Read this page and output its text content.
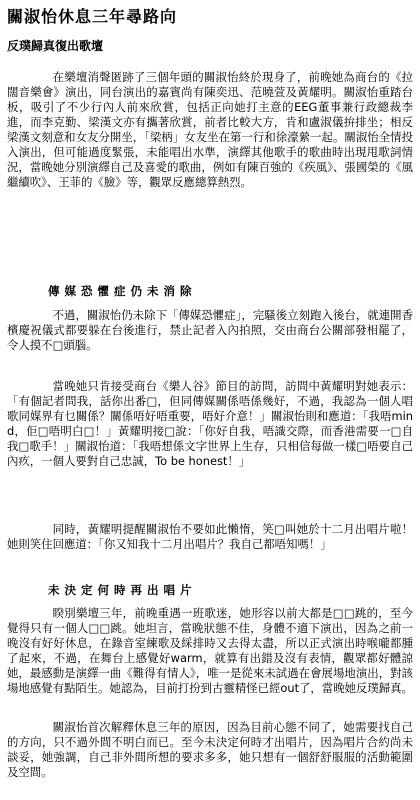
關淑怡休息三年尋路向
反璞歸真復出歌壇

在樂壇消聲匿跡了三個年頭的關淑怡終於現身了，前晚她為商台的《拉闊音樂會》演出，同台演出的嘉賓尚有陳奕迅、范曉萱及黃耀明。關淑怡重踏台板，吸引了不少行內人前來欣賞，包括正向她打主意的EEG董事兼行政總裁李進，而李克勤、梁漢文亦有攜著欣賞，前者比較大方，肯和盧淑儀拚排坐；相反梁漢文刻意和女友分開坐，「梁柄」女友坐在第一行和徐濠縈一起。關淑怡全情投入演出，但可能過度緊張，未能唱出水準，演繹其他歌手的歌曲時出現甩歌詞情況，當晚她分別演繹自己及喜愛的歌曲，例如有陳百強的《疾風》、張國榮的《風繼續吹》、王菲的《臉》等，觀眾反應總算熱烈。

傳媒恐懼症仍未消除

不過，關淑怡仍未除下「傳媒恐懼症」，完騷後立刻跑入後台，就連開香檳慶祝儀式都要躲在台後進行，禁止記者入內拍照，交由商台公關部發相罷了，令人摸不□頭腦。

當晚她只肯接受商台《樂人谷》節目的訪問，訪問中黃耀明對她表示：「有個記者問我，話你出番□，但同傳媒關係唔係幾好，不過，我認為一個人唱歌同媒界有乜關係？關係唔好唔重要，唔好介意！」關淑怡則和應道：「我唔mind，佢□唔明白□！」黃耀明接□說：「你好自我，唔識交際，而香港需要一□自我□歌手！」關淑怡道：「我唔想係文字世界上生存，只相信每做一樣□唔要自己內疚，一個人要對自己忠誠，To be honest！」

同時，黃耀明提醒關淑怡不要如此懶惰，笑□叫她於十二月出唱片啦！她則笑住回應道：「你又知我十二月出唱片？我自己都唔知嗎！」

未決定何時再出唱片

睽別樂壇三年，前晚重遇一班歌迷，她形容以前大都是□□跳的，至今覺得只有一個人□□跳。她坦言，當晚狀態不佳，身體不適下演出，因為之前一晚沒有好好休息，在錄音室練歌及綵排時又去得太盡，所以正式演出時喉嚨都腫了起來，不過，在舞台上感覺好warm，就算有出錯及沒有表情，觀眾都好體諒她，最感動是演繹一曲《難得有情人》，唯一是從來未試過在會展場地演出，對該場地感覺有點陌生。她認為，目前打扮到古靈精怪已經out了，當晚她反璞歸真。

關淑怡首次解釋休息三年的原因，因為目前心態不同了，她需要找自己的方向，只不過外間不明白而已。至今未決定何時才出唱片，因為唱片合約尚未談妥，她強調，自己非外間所想的要求多多，她只想有一個舒舒服服的活動範圍及空間。
